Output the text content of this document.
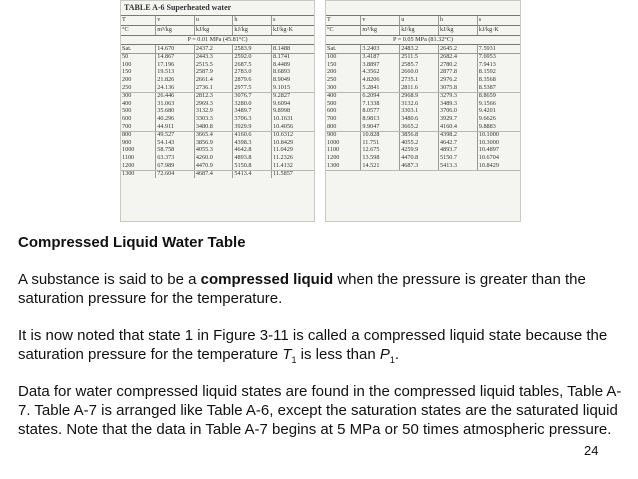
TABLE A-6 Superheated water
T	v	u	h	s
°C	m³/kg	kJ/kg	kJ/kg	kJ/kg·K
P = 0.01 MPa (45.81°C)				
Sat.	14.670	2437.2	2583.9	8.1488
50	14.867	2443.3	2592.0	8.1741
100	17.196	2515.5	2687.5	8.4489
150	19.513	2587.9	2783.0	8.6893
200	21.826	2661.4	2879.6	8.9049
250	24.136	2736.1	2977.5	9.1015
300	26.446	2812.3	3076.7	9.2827
400	31.063	2969.3	3280.0	9.6094
500	35.680	3132.9	3489.7	9.8998
600	40.296	3303.3	3706.3	10.1631
700	44.911	3480.8	3929.9	10.4056
800	49.527	3665.4	4160.6	10.6312
900	54.143	3856.9	4398.3	10.8429
1000	58.758	4055.3	4642.8	11.0429
1100	63.373	4260.0	4893.8	11.2326
1200	67.989	4470.9	5150.8	11.4132
1300	72.604	4687.4	5413.4	11.5857
T	v	u	h	s
°C	m³/kg	kJ/kg	kJ/kg	kJ/kg·K
P = 0.05 MPa (81.32°C)				
Sat.	3.2403	2483.2	2645.2	7.5931
100	3.4187	2511.5	2682.4	7.6953
150	3.8897	2585.7	2780.2	7.9413
200	4.3562	2660.0	2877.8	8.1592
250	4.8206	2735.1	2976.2	8.3568
300	5.2841	2811.6	3075.8	8.5387
400	6.2094	2968.9	3279.3	8.8659
500	7.1338	3132.6	3489.3	9.1566
600	8.0577	3303.1	3706.0	9.4201
700	8.9813	3480.6	3929.7	9.6626
800	9.9047	3665.2	4160.4	9.8883
900	10.828	3856.8	4398.2	10.1000
1000	11.751	4055.2	4642.7	10.3000
1100	12.675	4259.9	4893.7	10.4897
1200	13.598	4470.8	5150.7	10.6704
1300	14.521	4687.3	5413.3	10.8429
Compressed Liquid Water Table

A substance is said to be a compressed liquid when the pressure is greater than the saturation pressure for the temperature.

It is now noted that state 1 in Figure 3-11 is called a compressed liquid state because the saturation pressure for the temperature $T_1$ is less than $P_1$.

Data for water compressed liquid states are found in the compressed liquid tables, Table A-7. Table A-7 is arranged like Table A-6, except the saturation states are the saturated liquid states. Note that the data in Table A-7 begins at 5 MPa or 50 times atmospheric pressure.
24
